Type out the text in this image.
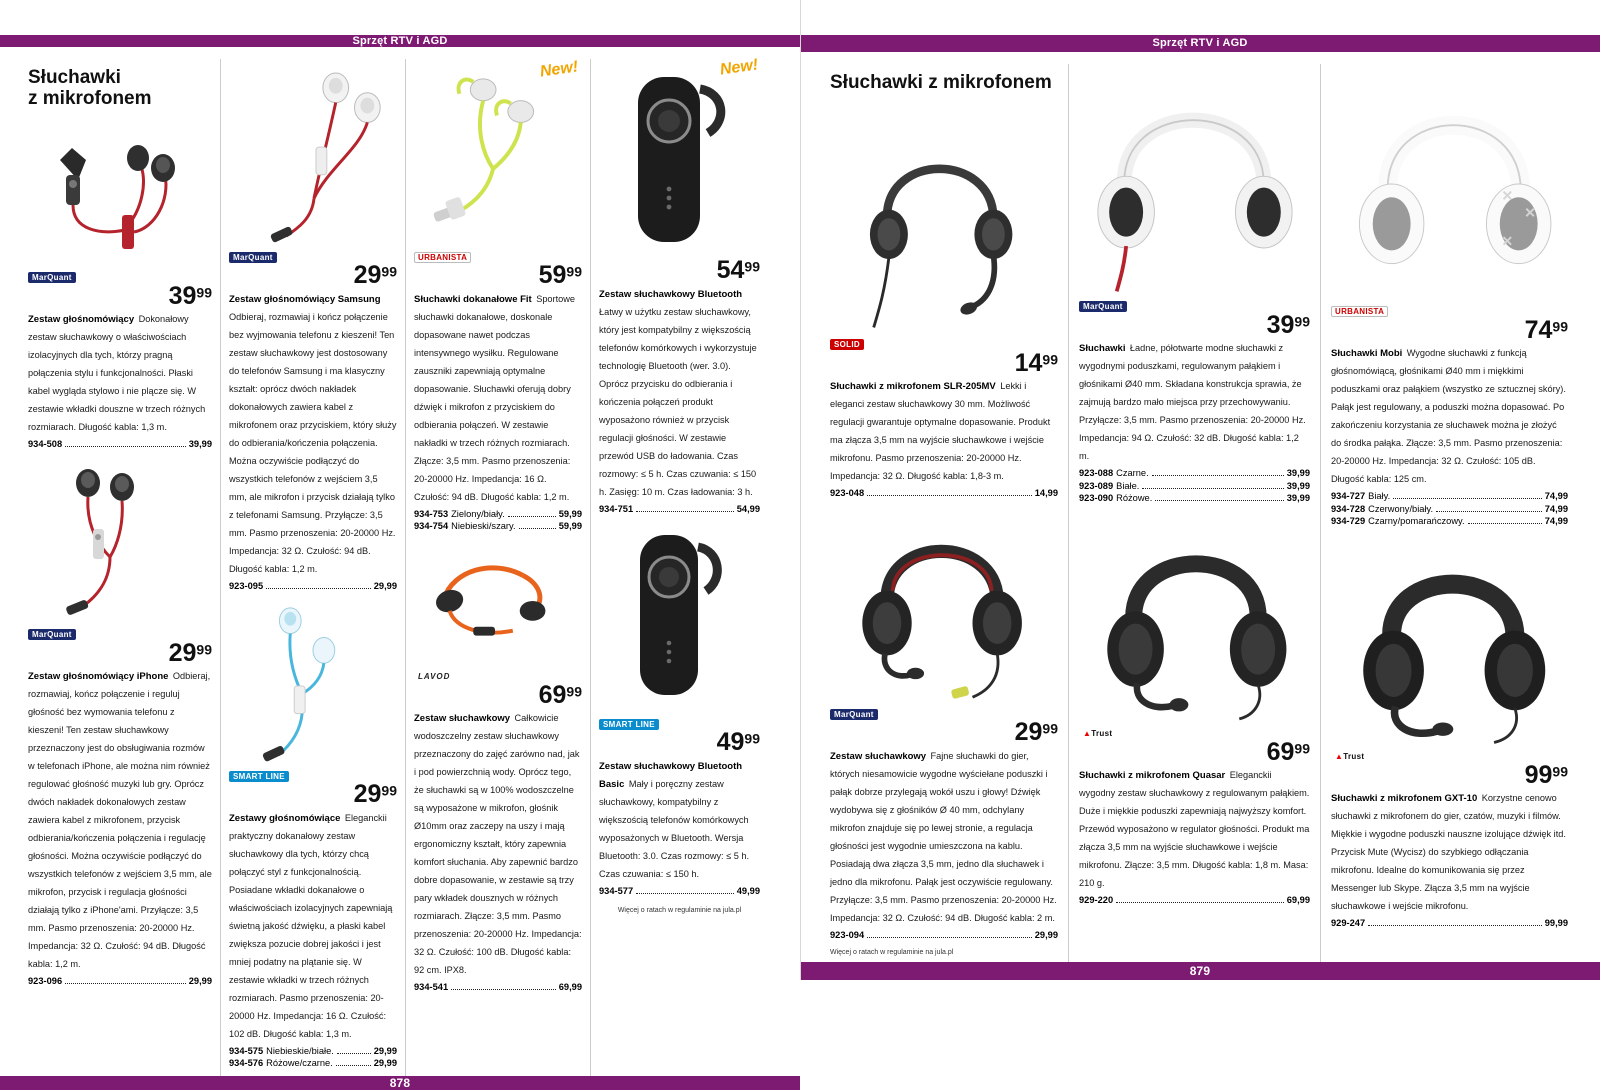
Sprzęt RTV i AGD
Słuchawki
z mikrofonem
MarQuant
3999
Zestaw głośnomówiący Dokonałowy zestaw słuchawkowy o właściwościach izolacyjnych dla tych, którzy pragną połączenia stylu i funkcjonalności. Płaski kabel wygląda stylowo i nie plącze się. W zestawie wkładki douszne w trzech różnych rozmiarach. Długość kabla: 1,3 m.
934-508	39,99
MarQuant
2999
Zestaw głośnomówiący iPhone Odbieraj, rozmawiaj, kończ połączenie i reguluj głośność bez wymowania telefonu z kieszeni! Ten zestaw słuchawkowy przeznaczony jest do obsługiwania rozmów w telefonach iPhone, ale można nim również regulować głośność muzyki lub gry. Oprócz dwóch nakładek dokonałowych zestaw zawiera kabel z mikrofonem, przycisk odbierania/kończenia połączenia i regulację głośności. Można oczywiście podłączyć do wszystkich telefonów z wejściem 3,5 mm, ale mikrofon, przycisk i regulacja głośności działają tylko z iPhone'ami. Przyłącze: 3,5 mm. Pasmo przenoszenia: 20-20000 Hz. Impedancja: 32 Ω. Czułość: 94 dB. Długość kabla: 1,2 m.
923-096	29,99
MarQuant
2999
Zestaw głośnomówiący Samsung Odbieraj, rozmawiaj i kończ połączenie bez wyjmowania telefonu z kieszeni! Ten zestaw słuchawkowy jest dostosowany do telefonów Samsung i ma klasyczny kształt: oprócz dwóch nakładek dokonałowych zawiera kabel z mikrofonem oraz przyciskiem, który służy do odbierania/kończenia połączenia. Można oczywiście podłączyć do wszystkich telefonów z wejściem 3,5 mm, ale mikrofon i przycisk działają tylko z telefonami Samsung. Przyłącze: 3,5 mm. Pasmo przenoszenia: 20-20000 Hz. Impedancja: 32 Ω. Czułość: 94 dB. Długość kabla: 1,2 m.
923-095	29,99
SMART LINE
2999
Zestawy głośnomówiące Eleganckii praktyczny dokanałowy zestaw słuchawkowy dla tych, którzy chcą połączyć styl z funkcjonalnością. Posiadane wkładki dokanałowe o właściwościach izolacyjnych zapewniają świetną jakość dźwięku, a płaski kabel zwiększa pozucie dobrej jakości i jest mniej podatny na plątanie się. W zestawie wkładki w trzech różnych rozmiarach. Pasmo przenoszenia: 20-20000 Hz. Impedancja: 16 Ω. Czułość: 102 dB. Długość kabla: 1,3 m.
934-575 Niebieskie/białe.	29,99
934-576 Różowe/czarne.	29,99
New!
URBANISTA
5999
Słuchawki dokanałowe Fit Sportowe słuchawki dokanałowe, doskonale dopasowane nawet podczas intensywnego wysiłku. Regulowane zauszniki zapewniają optymalne dopasowanie. Słuchawki oferują dobry dźwięk i mikrofon z przyciskiem do odbierania połączeń. W zestawie nakładki w trzech różnych rozmiarach. Złącze: 3,5 mm. Pasmo przenoszenia: 20-20000 Hz. Impedancja: 16 Ω. Czułość: 94 dB. Długość kabla: 1,2 m.
934-753 Zielony/biały.	59,99
934-754 Niebieski/szary.	59,99
LAVOD
6999
Zestaw słuchawkowy Całkowicie wodoszczelny zestaw słuchawkowy przeznaczony do zajęć zarówno nad, jak i pod powierzchnią wody. Oprócz tego, że słuchawki są w 100% wodoszczelne są wyposażone w mikrofon, głośnik Ø10mm oraz zaczepy na uszy i mają ergonomiczny kształt, który zapewnia komfort słuchania. Aby zapewnić bardzo dobre dopasowanie, w zestawie są trzy pary wkładek dousznych w różnych rozmiarach. Złącze: 3,5 mm. Pasmo przenoszenia: 20-20000 Hz. Impedancja: 32 Ω. Czułość: 100 dB. Długość kabla: 92 cm. IPX8.
934-541	69,99
New!
5499
Zestaw słuchawkowy Bluetooth Łatwy w użytku zestaw słuchawkowy, który jest kompatybilny z większością telefonów komórkowych i wykorzystuje technologię Bluetooth (wer. 3.0). Oprócz przycisku do odbierania i kończenia połączeń produkt wyposażono również w przycisk regulacji głośności. W zestawie przewód USB do ładowania. Czas rozmowy: ≤ 5 h. Czas czuwania: ≤ 150 h. Zasięg: 10 m. Czas ładowania: 3 h.
934-751	54,99
SMART LINE
4999
Zestaw słuchawkowy Bluetooth Basic Mały i poręczny zestaw słuchawkowy, kompatybilny z większością telefonów komórkowych wyposażonych w Bluetooth. Wersja Bluetooth: 3.0. Czas rozmowy: ≤ 5 h. Czas czuwania: ≤ 150 h.
934-577	49,99
Więcej o ratach w regulaminie na jula.pl
878
Sprzęt RTV i AGD
Słuchawki z mikrofonem
SOLID
1499
Słuchawki z mikrofonem SLR-205MV Lekki i eleganci zestaw słuchawkowy 30 mm. Możliwość regulacji gwarantuje optymalne dopasowanie. Produkt ma złącza 3,5 mm na wyjście słuchawkowe i wejście mikrofonu. Pasmo przenoszenia: 20-20000 Hz. Impedancja: 32 Ω. Długość kabla: 1,8-3 m.
923-048	14,99
MarQuant
2999
Zestaw słuchawkowy Fajne słuchawki do gier, których niesamowicie wygodne wyściełane poduszki i pałąk dobrze przylegają wokół uszu i głowy! Dźwięk wydobywa się z głośników Ø 40 mm, odchylany mikrofon znajduje się po lewej stronie, a regulacja głośności jest wygodnie umieszczona na kablu. Posiadają dwa złącza 3,5 mm, jedno dla słuchawek i jedno dla mikrofonu. Pałąk jest oczywiście regulowany. Przyłącze: 3,5 mm. Pasmo przenoszenia: 20-20000 Hz. Impedancja: 32 Ω. Czułość: 94 dB. Długość kabla: 2 m.
923-094	29,99
Więcej o ratach w regulaminie na jula.pl
MarQuant
3999
Słuchawki Ładne, półotwarte modne słuchawki z wygodnymi poduszkami, regulowanym pałąkiem i głośnikami Ø40 mm. Składana konstrukcja sprawia, że zajmują bardzo mało miejsca przy przechowywaniu. Przyłącze: 3,5 mm. Pasmo przenoszenia: 20-20000 Hz. Impedancja: 94 Ω. Czułość: 32 dB. Długość kabla: 1,2 m.
923-088 Czarne.	39,99
923-089 Białe.	39,99
923-090 Różowe.	39,99
▲Trust
6999
Słuchawki z mikrofonem Quasar Eleganckii wygodny zestaw słuchawkowy z regulowanym pałąkiem. Duże i miękkie poduszki zapewniają najwyższy komfort. Przewód wyposażono w regulator głośności. Produkt ma złącza 3,5 mm na wyjście słuchawkowe i wejście mikrofonu. Złącze: 3,5 mm. Długość kabla: 1,8 m. Masa: 210 g.
929-220	69,99
URBANISTA
7499
Słuchawki Mobi Wygodne słuchawki z funkcją głośnomówiącą, głośnikami Ø40 mm i miękkimi poduszkami oraz pałąkiem (wszystko ze sztucznej skóry). Pałąk jest regulowany, a poduszki można dopasować. Po zakończeniu korzystania ze słuchawek można je złożyć do środka pałąka. Złącze: 3,5 mm. Pasmo przenoszenia: 20-20000 Hz. Impedancja: 32 Ω. Czułość: 105 dB. Długość kabla: 125 cm.
934-727 Biały.	74,99
934-728 Czerwony/biały.	74,99
934-729 Czarny/pomarańczowy.	74,99
▲Trust
9999
Słuchawki z mikrofonem GXT-10 Korzystne cenowo słuchawki z mikrofonem do gier, czatów, muzyki i filmów. Miękkie i wygodne poduszki nauszne izolujące dźwięk itd. Przycisk Mute (Wycisz) do szybkiego odłączania mikrofonu. Idealne do komunikowania się przez Messenger lub Skype. Złącza 3,5 mm na wyjście słuchawkowe i wejście mikrofonu.
929-247	99,99
879
